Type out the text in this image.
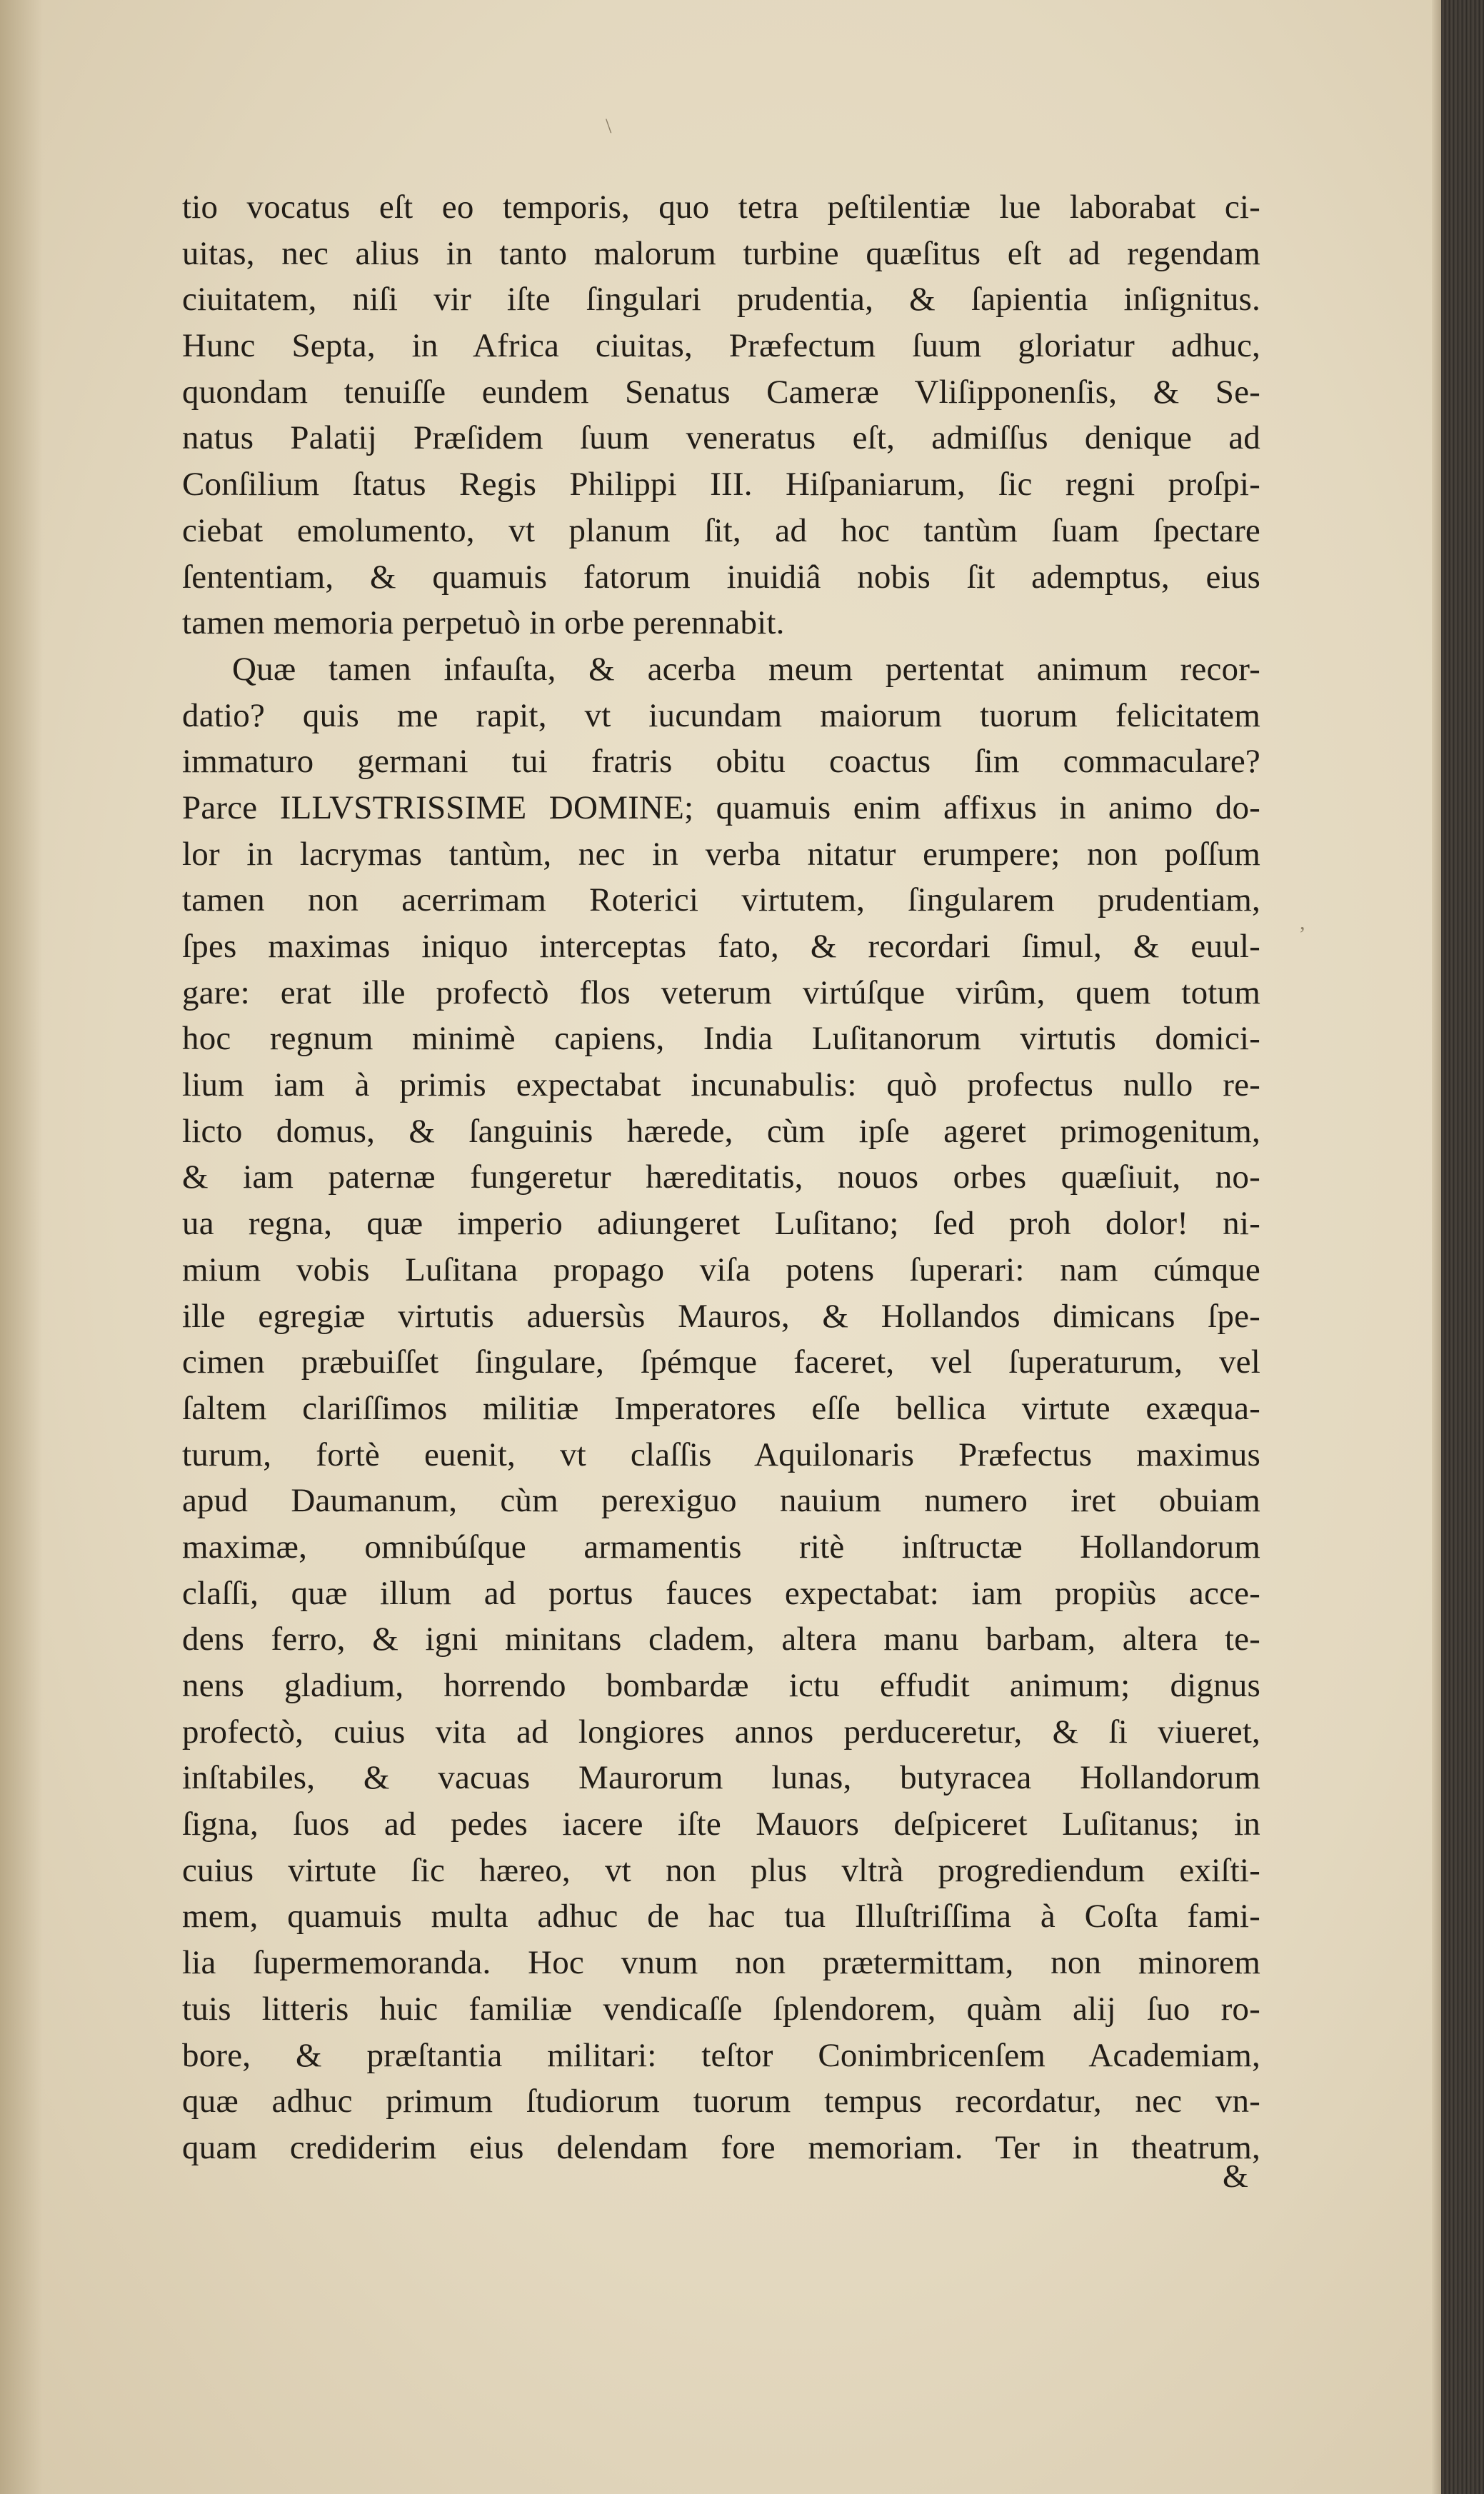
\
,
tio vocatus eſt eo temporis, quo tetra peſtilentiæ lue laborabat ci-
uitas, nec alius in tanto malorum turbine quæſitus eſt ad regendam
ciuitatem, niſi vir iſte ſingulari prudentia, & ſapientia inſignitus.
Hunc Septa, in Africa ciuitas, Præfectum ſuum gloriatur adhuc,
quondam tenuiſſe eundem Senatus Cameræ Vliſipponenſis, & Se-
natus Palatij Præſidem ſuum veneratus eſt, admiſſus denique ad
Conſilium ſtatus Regis Philippi III. Hiſpaniarum, ſic regni proſpi-
ciebat emolumento, vt planum ſit, ad hoc tantùm ſuam ſpectare
ſententiam, & quamuis fatorum inuidiâ nobis ſit ademptus, eius
tamen memoria perpetuò in orbe perennabit.
Quæ tamen infauſta, & acerba meum pertentat animum recor-
datio? quis me rapit, vt iucundam maiorum tuorum felicitatem
immaturo germani tui fratris obitu coactus ſim commaculare?
Parce ILLVSTRISSIME DOMINE; quamuis enim affixus in animo do-
lor in lacrymas tantùm, nec in verba nitatur erumpere; non poſſum
tamen non acerrimam Roterici virtutem, ſingularem prudentiam,
ſpes maximas iniquo interceptas fato, & recordari ſimul, & euul-
gare: erat ille profectò flos veterum virtúſque virûm, quem totum
hoc regnum minimè capiens, India Luſitanorum virtutis domici-
lium iam à primis expectabat incunabulis: quò profectus nullo re-
licto domus, & ſanguinis hærede, cùm ipſe ageret primogenitum,
& iam paternæ fungeretur hæreditatis, nouos orbes quæſiuit, no-
ua regna, quæ imperio adiungeret Luſitano; ſed proh dolor! ni-
mium vobis Luſitana propago viſa potens ſuperari: nam cúmque
ille egregiæ virtutis aduersùs Mauros, & Hollandos dimicans ſpe-
cimen præbuiſſet ſingulare, ſpémque faceret, vel ſuperaturum, vel
ſaltem clariſſimos militiæ Imperatores eſſe bellica virtute exæqua-
turum, fortè euenit, vt claſſis Aquilonaris Præfectus maximus
apud Daumanum, cùm perexiguo nauium numero iret obuiam
maximæ, omnibúſque armamentis ritè inſtructæ Hollandorum
claſſi, quæ illum ad portus fauces expectabat: iam propiùs acce-
dens ferro, & igni minitans cladem, altera manu barbam, altera te-
nens gladium, horrendo bombardæ ictu effudit animum; dignus
profectò, cuius vita ad longiores annos perduceretur, & ſi viueret,
inſtabiles, & vacuas Maurorum lunas, butyracea Hollandorum
ſigna, ſuos ad pedes iacere iſte Mauors deſpiceret Luſitanus; in
cuius virtute ſic hæreo, vt non plus vltrà progrediendum exiſti-
mem, quamuis multa adhuc de hac tua Illuſtriſſima à Coſta fami-
lia ſupermemoranda. Hoc vnum non prætermittam, non minorem
tuis litteris huic familiæ vendicaſſe ſplendorem, quàm alij ſuo ro-
bore, & præſtantia militari: teſtor Conimbricenſem Academiam,
quæ adhuc primum ſtudiorum tuorum tempus recordatur, nec vn-
quam crediderim eius delendam fore memoriam. Ter in theatrum,
&
